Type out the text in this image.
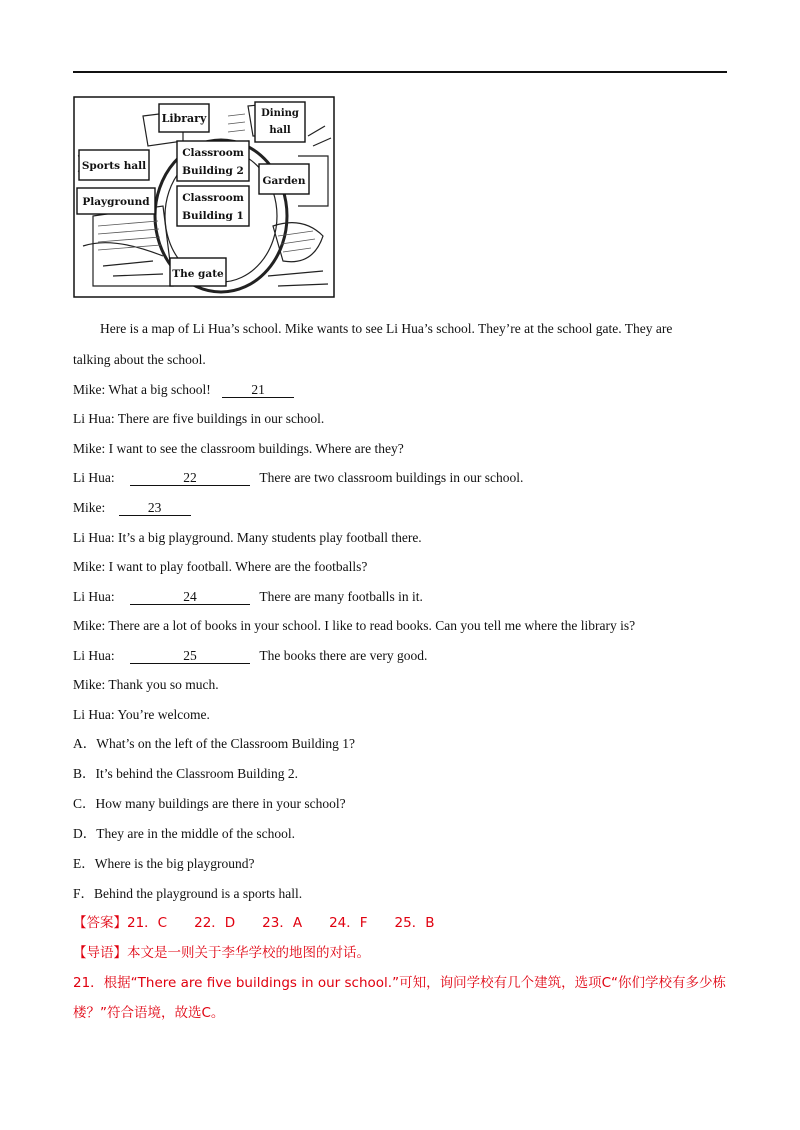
Library	Dining
hall
Sports hall
Classroom
Building 2
Garden
Playground	Classroom
Building 1
The gate
Here is a map of Li Hua’s school. Mike wants to see Li Hua’s school. They’re at the school gate. They are
talking about the school.
Mike: What a big school!	21
Li Hua: There are five buildings in our school.
Mike: I want to see the classroom buildings. Where are they?
Li Hua:	22	There are two classroom buildings in our school.
Mike:	23
Li Hua: It’s a big playground. Many students play football there.
Mike: I want to play football. Where are the footballs?
Li Hua:	24	There are many footballs in it.
Mike: There are a lot of books in your school. I like to read books. Can you tell me where the library is?
Li Hua:	25	The books there are very good.
Mike: Thank you so much.
Li Hua: You’re welcome.
A．What’s on the left of the Classroom Building 1?
B．It’s behind the Classroom Building 2.
C．How many buildings are there in your school?
D．They are in the middle of the school.
E．Where is the big playground?
F．Behind the playground is a sports hall.
【答案】21．C　　22．D　　23．A　　24．F　　25．B
【导语】本文是一则关于李华学校的地图的对话。
21．根据“There are five buildings in our school.”可知，询问学校有几个建筑，选项C“你们学校有多少栋
楼？”符合语境，故选C。
